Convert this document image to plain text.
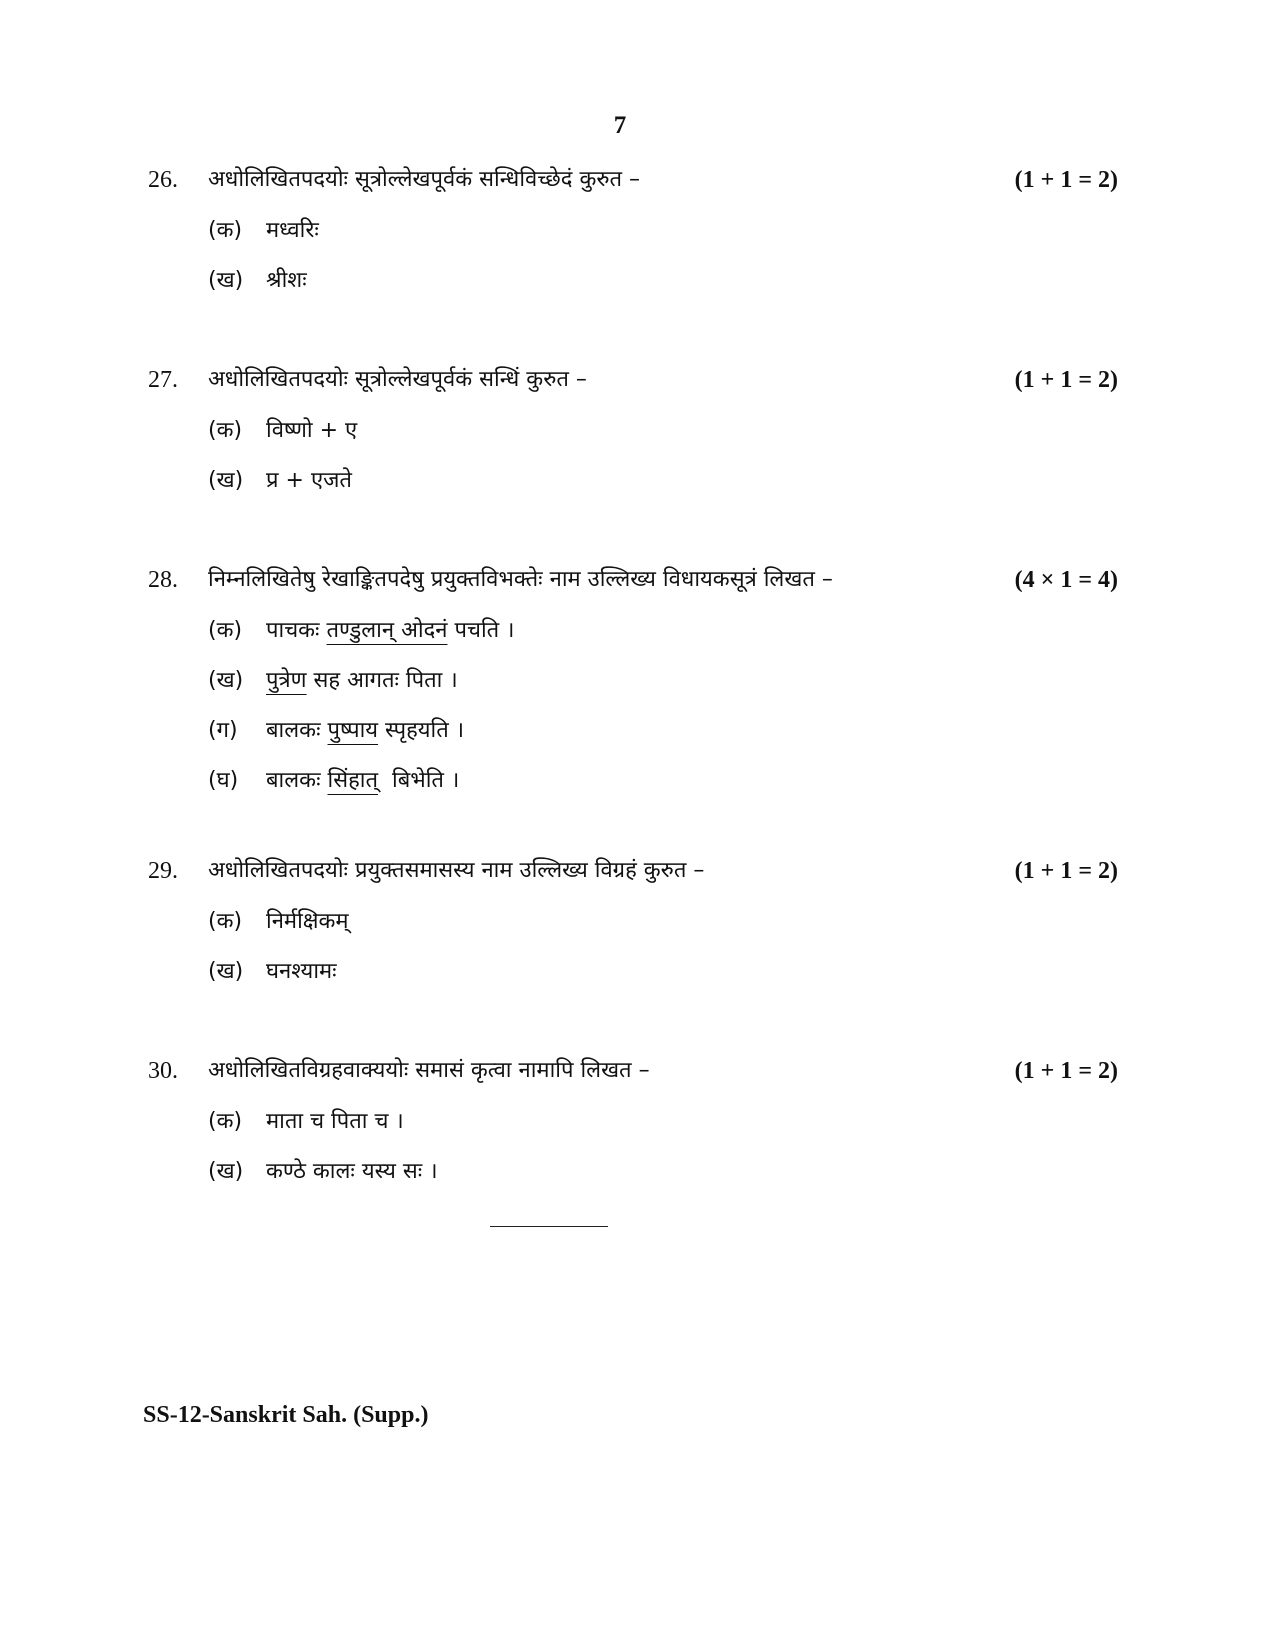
7
26. अधोलिखितपदयोः सूत्रोल्लेखपूर्वकं सन्धिविच्छेदं कुरुत –	(1 + 1 = 2)
(क) मध्वरिः
(ख) श्रीशः
27. अधोलिखितपदयोः सूत्रोल्लेखपूर्वकं सन्धिं कुरुत –	(1 + 1 = 2)
(क) विष्णो + ए
(ख) प्र + एजते
28. निम्नलिखितेषु रेखाङ्कितपदेषु प्रयुक्तविभक्तेः नाम उल्लिख्य विधायकसूत्रं लिखत –	(4 × 1 = 4)
(क) पाचकः तण्डुलान् ओदनं पचति ।
(ख) पुत्रेण सह आगतः पिता ।
(ग) बालकः पुष्पाय स्पृहयति ।
(घ) बालकः सिंहात्  बिभेति ।
29. अधोलिखितपदयोः प्रयुक्तसमासस्य नाम उल्लिख्य विग्रहं कुरुत –	(1 + 1 = 2)
(क) निर्मक्षिकम्
(ख) घनश्यामः
30. अधोलिखितविग्रहवाक्ययोः समासं कृत्वा नामापि लिखत –	(1 + 1 = 2)
(क) माता च पिता च ।
(ख) कण्ठे कालः यस्य सः ।
SS-12-Sanskrit Sah. (Supp.)
